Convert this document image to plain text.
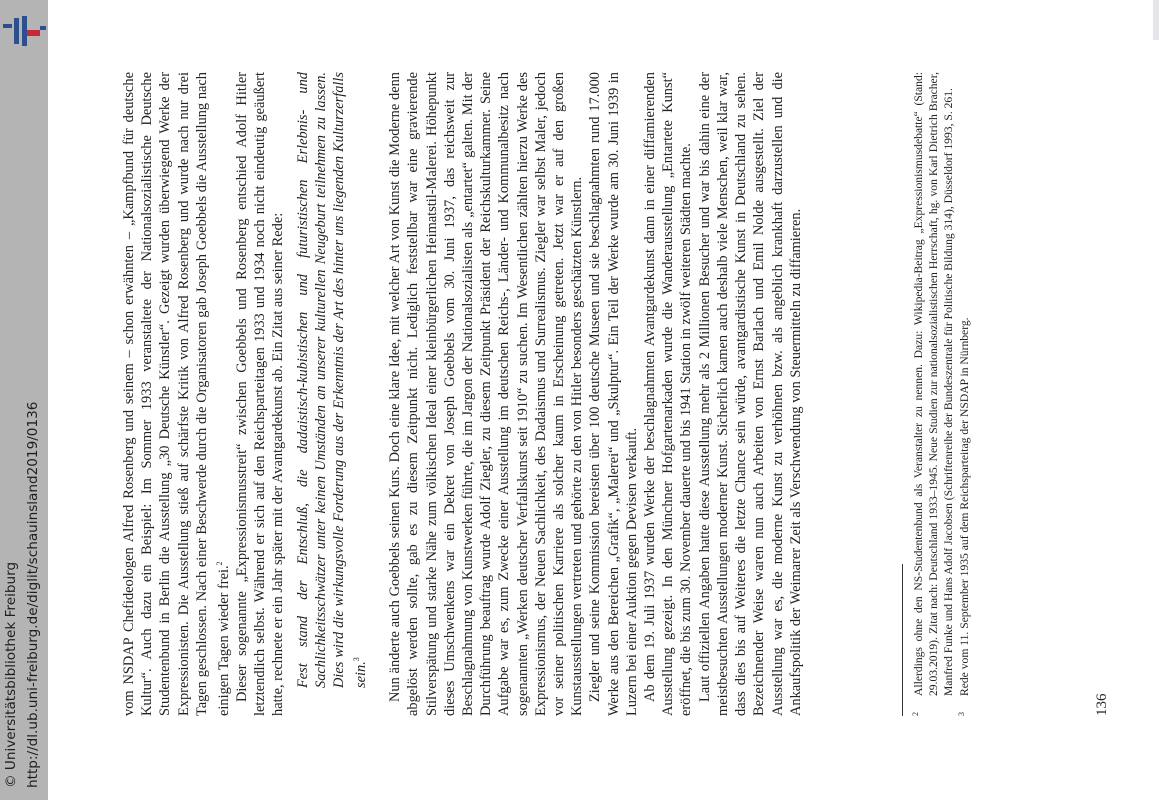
http://dl.ub.uni-freiburg.de/diglit/schauinsland2019/0136
© Universitätsbibliothek Freiburg	vom NSDAP Chefideologen Alfred Rosenberg und seinem – schon erwähnten – „Kampfbund für deutsche Kultur“. Auch dazu ein Beispiel: Im Sommer 1933 veranstaltete der Nationalsozialistische Deutsche Studentenbund in Berlin die Ausstellung „30 Deutsche Künstler“. Gezeigt wurden überwiegend Werke der Expressionisten. Die Ausstellung stieß auf schärfste Kritik von Alfred Rosenberg und wurde nach nur drei Tagen geschlossen. Nach einer Beschwerde durch die Organisatoren gab Joseph Goebbels die Ausstellung nach einigen Tagen wieder frei.$^2$ Dieser sogenannte „Expressionismusstreit“ zwischen Goebbels und Rosenberg entschied Adolf Hitler letztendlich selbst. Während er sich auf den Reichsparteitagen 1933 und 1934 noch nicht eindeutig geäußert hatte, rechnete er ein Jahr später mit der Avantgardekunst ab. Ein Zitat aus seiner Rede: Fest stand der Entschluß, die dadaistisch-kubistischen und futuristischen Erlebnis- und Sachlichkeitsschwätzer unter keinen Umständen an unserer kulturellen Neugeburt teilnehmen zu lassen. Dies wird die wirkungsvolle Forderung aus der Erkenntnis der Art des hinter uns liegenden Kulturzerfalls sein.$^3$	Nun änderte auch Goebbels seinen Kurs. Doch eine klare Idee, mit welcher Art von Kunst die Moderne denn abgelöst werden sollte, gab es zu diesem Zeitpunkt nicht. Lediglich feststellbar war eine gravierende Stilverspätung und starke Nähe zum völkischen Ideal einer kleinbürgerlichen Heimatstil-Malerei. Höhepunkt dieses Umschwenkens war ein Dekret von Joseph Goebbels vom 30. Juni 1937, das reichsweit zur Beschlagnahmung von Kunstwerken führte, die im Jargon der Nationalsozialisten als „entartet“ galten. Mit der Durchführung beauftrag wurde Adolf Ziegler, zu diesem Zeitpunkt Präsident der Reichskulturkammer. Seine Aufgabe war es, zum Zwecke einer Ausstellung im deutschen Reichs-, Länder- und Kommunalbesitz nach sogenannten „Werken deutscher Verfallskunst seit 1910“ zu suchen. Im Wesentlichen zählten hierzu Werke des Expressionismus, der Neuen Sachlichkeit, des Dadaismus und Surrealismus. Ziegler war selbst Maler, jedoch vor seiner politischen Karriere als solcher kaum in Erscheinung getreten. Jetzt war er auf den großen Kunstausstellungen vertreten und gehörte zu den von Hitler besonders geschätzten Künstlern. Ziegler und seine Kommission bereisten über 100 deutsche Museen und sie beschlagnahmten rund 17.000 Werke aus den Bereichen „Grafik“, „Malerei“ und „Skulptur“. Ein Teil der Werke wurde am 30. Juni 1939 in Luzern bei einer Auktion gegen Devisen verkauft. Ab dem 19. Juli 1937 wurden Werke der beschlagnahmten Avantgardekunst dann in einer diffamierenden Ausstellung gezeigt. In den Münchner Hofgartenarkaden wurde die Wanderausstellung „Entartete Kunst“ eröffnet, die bis zum 30. November dauerte und bis 1941 Station in zwölf weiteren Städten machte. Laut offiziellen Angaben hatte diese Ausstellung mehr als 2 Millionen Besucher und war bis dahin eine der meistbesuchten Ausstellungen moderner Kunst. Sicherlich kamen auch deshalb viele Menschen, weil klar war, dass dies bis auf Weiteres die letzte Chance sein würde, avantgardistische Kunst in Deutschland zu sehen. Bezeichnender Weise waren nun auch Arbeiten von Ernst Barlach und Emil Nolde ausgestellt. Ziel der Ausstellung war es, die moderne Kunst zu verhöhnen bzw. als angeblich krankhaft darzustellen und die Ankaufspolitik der Weimarer Zeit als Verschwendung von Steuermitteln zu diffamieren.	2
Allerdings ohne den NS-Studentenbund als Veranstalter zu nennen. Dazu: Wikipedia-Beitrag „Expressionismusdebatte“ (Stand: 29.03.2019). Zitat nach: Deutschland 1933–1945. Neue Studien zur nationalsozialistischen Herrschaft, hg. von Karl Dietrich Bracher, Manfred Funke und Hans Adolf Jacobsen (Schriftenreihe der Bundeszentrale für Politische Bildung 314), Düsseldorf 1993, S. 261.
3
Rede vom 11. September 1935 auf dem Reichsparteitag der NSDAP in Nürnberg.
136
